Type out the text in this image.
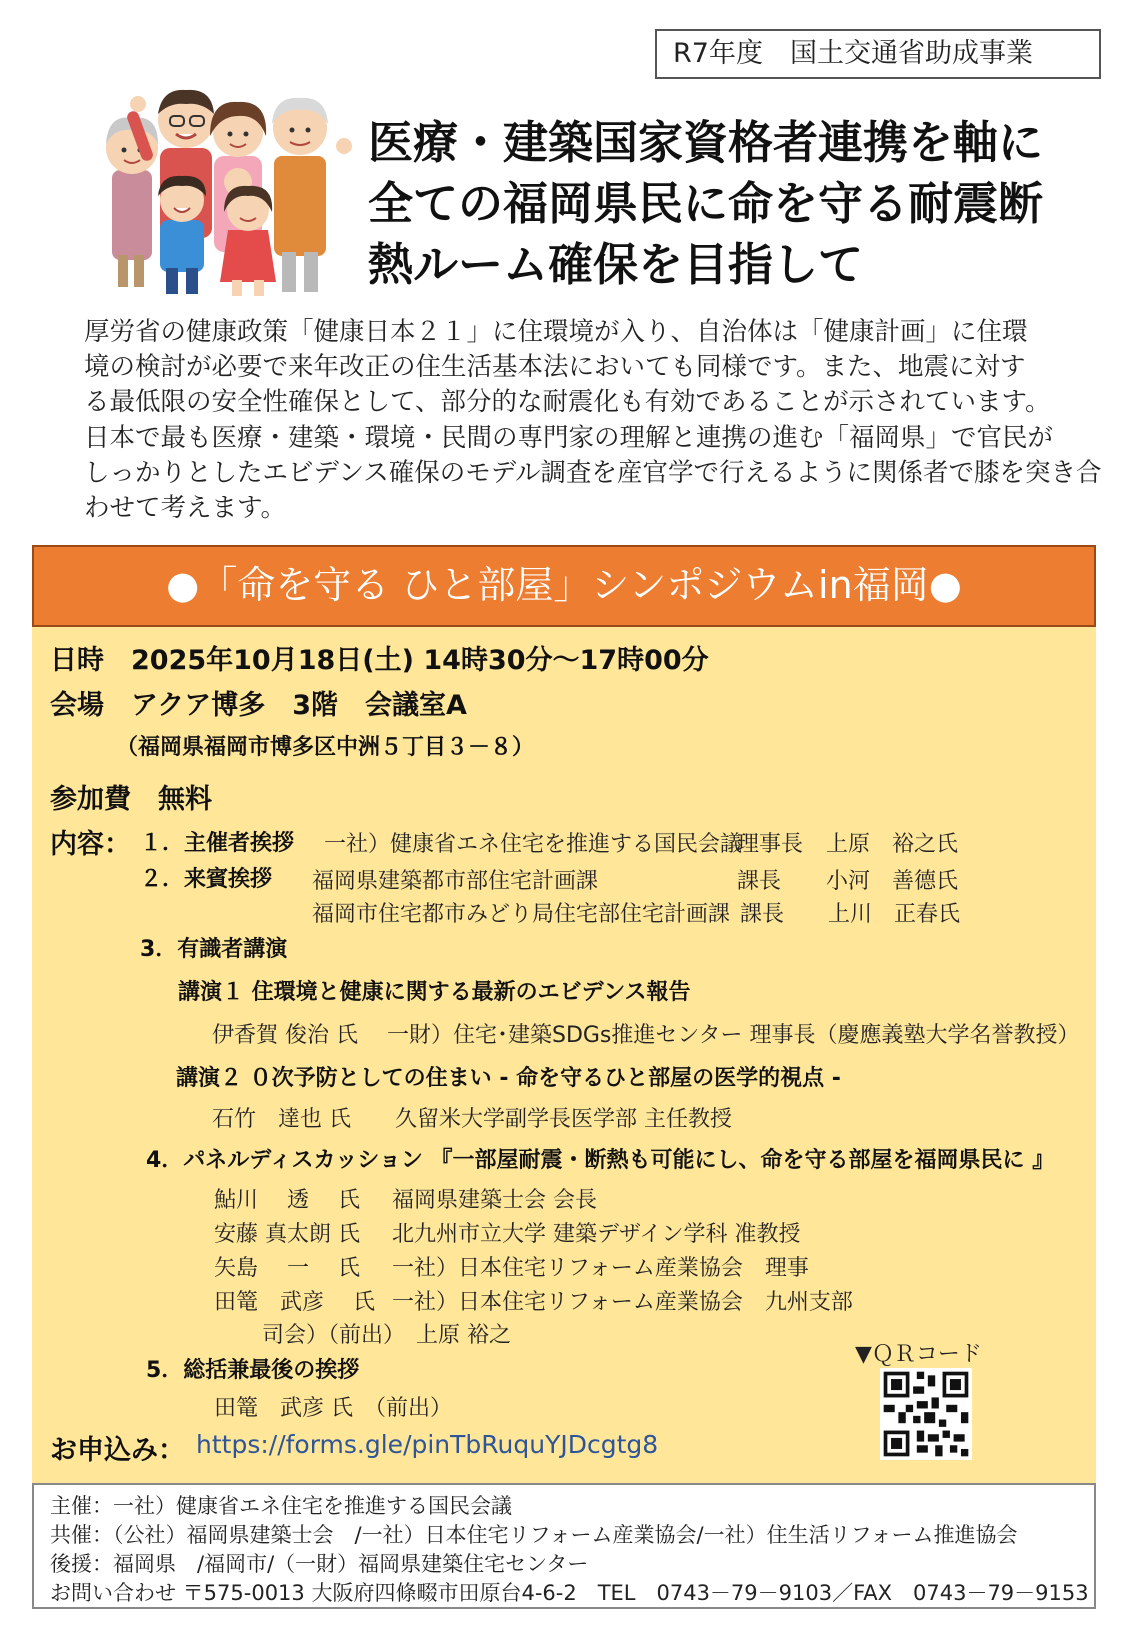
R7年度　国土交通省助成事業
医療・建築国家資格者連携を軸に
全ての福岡県民に命を守る耐震断
熱ルーム確保を目指して
厚労省の健康政策「健康日本２１」に住環境が入り、自治体は「健康計画」に住環
境の検討が必要で来年改正の住生活基本法においても同様です。また、地震に対す
る最低限の安全性確保として、部分的な耐震化も有効であることが示されています。
日本で最も医療・建築・環境・民間の専門家の理解と連携の進む「福岡県」で官民が
しっかりとしたエビデンス確保のモデル調査を産官学で行えるように関係者で膝を突き合
わせて考えます。
●「命を守る ひと部屋」シンポジウムin福岡●
日時　2025年10月18日(土) 14時30分～17時00分
会場　アクア博多　3階　会議室A
（福岡県福岡市博多区中洲５丁目３－８）
参加費　無料
内容： １．主催者挨拶 一社）健康省エネ住宅を推進する国民会議
理事長 上原　裕之氏
２．来賓挨拶 福岡県建築都市部住宅計画課	課長 小河　善德氏
福岡市住宅都市みどり局住宅部住宅計画課 課長 上川　正春氏
3．有識者講演
講演１ 住環境と健康に関する最新のエビデンス報告
伊香賀 俊治 氏　 一財）住宅･建築SDGs推進センター 理事長（慶應義塾大学名誉教授）
講演２ ０次予防としての住まい - 命を守るひと部屋の医学的視点 -
石竹　達也 氏　　久留米大学副学長医学部 主任教授
4．パネルディスカッション 『一部屋耐震・断熱も可能にし、命を守る部屋を福岡県民に 』
鮎川　 透　 氏 福岡県建築士会 会長
安藤 真太朗 氏 北九州市立大学 建築デザイン学科 准教授
矢島　 一　 氏 一社）日本住宅リフォーム産業協会　理事
田篭　武彦　 氏 一社）日本住宅リフォーム産業協会　九州支部
司会）（前出）　上原 裕之
5．総括兼最後の挨拶
田篭　武彦 氏　（前出）
お申込み： https://forms.gle/pinTbRuquYJDcgtg8
▼ＱＲコード
主催：一社）健康省エネ住宅を推進する国民会議
共催：（公社）福岡県建築士会　/一社）日本住宅リフォーム産業協会/一社）住生活リフォーム推進協会
後援：福岡県　/福岡市/（一財）福岡県建築住宅センター
お問い合わせ 〒575-0013 大阪府四條畷市田原台4-6-2　TEL　0743－79－9103／FAX　0743－79－9153
